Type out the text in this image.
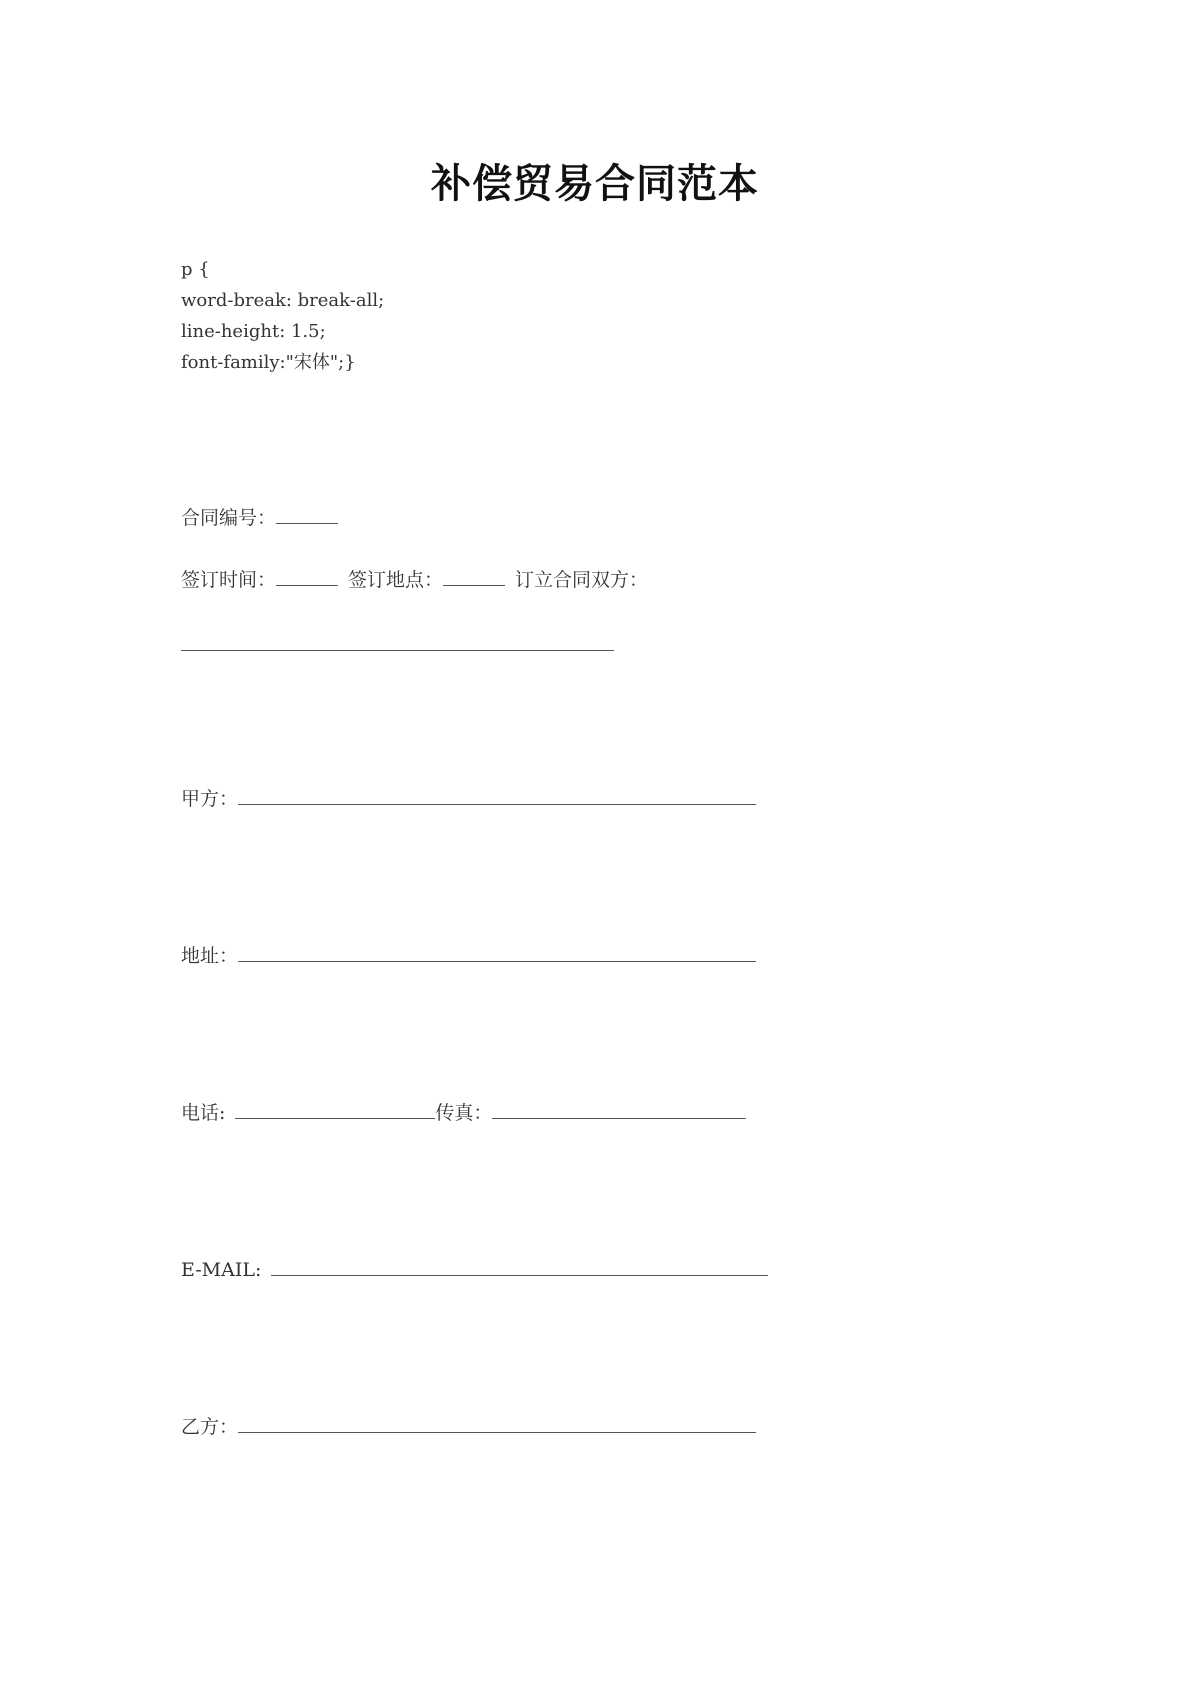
补偿贸易合同范本
p {
word-break: break-all;
line-height: 1.5;
font-family:"宋体";}
合同编号：
签订时间：	签订地点：	订立合同双方：
甲方：
地址：
电话:	传真：
E-MAIL:
乙方：
